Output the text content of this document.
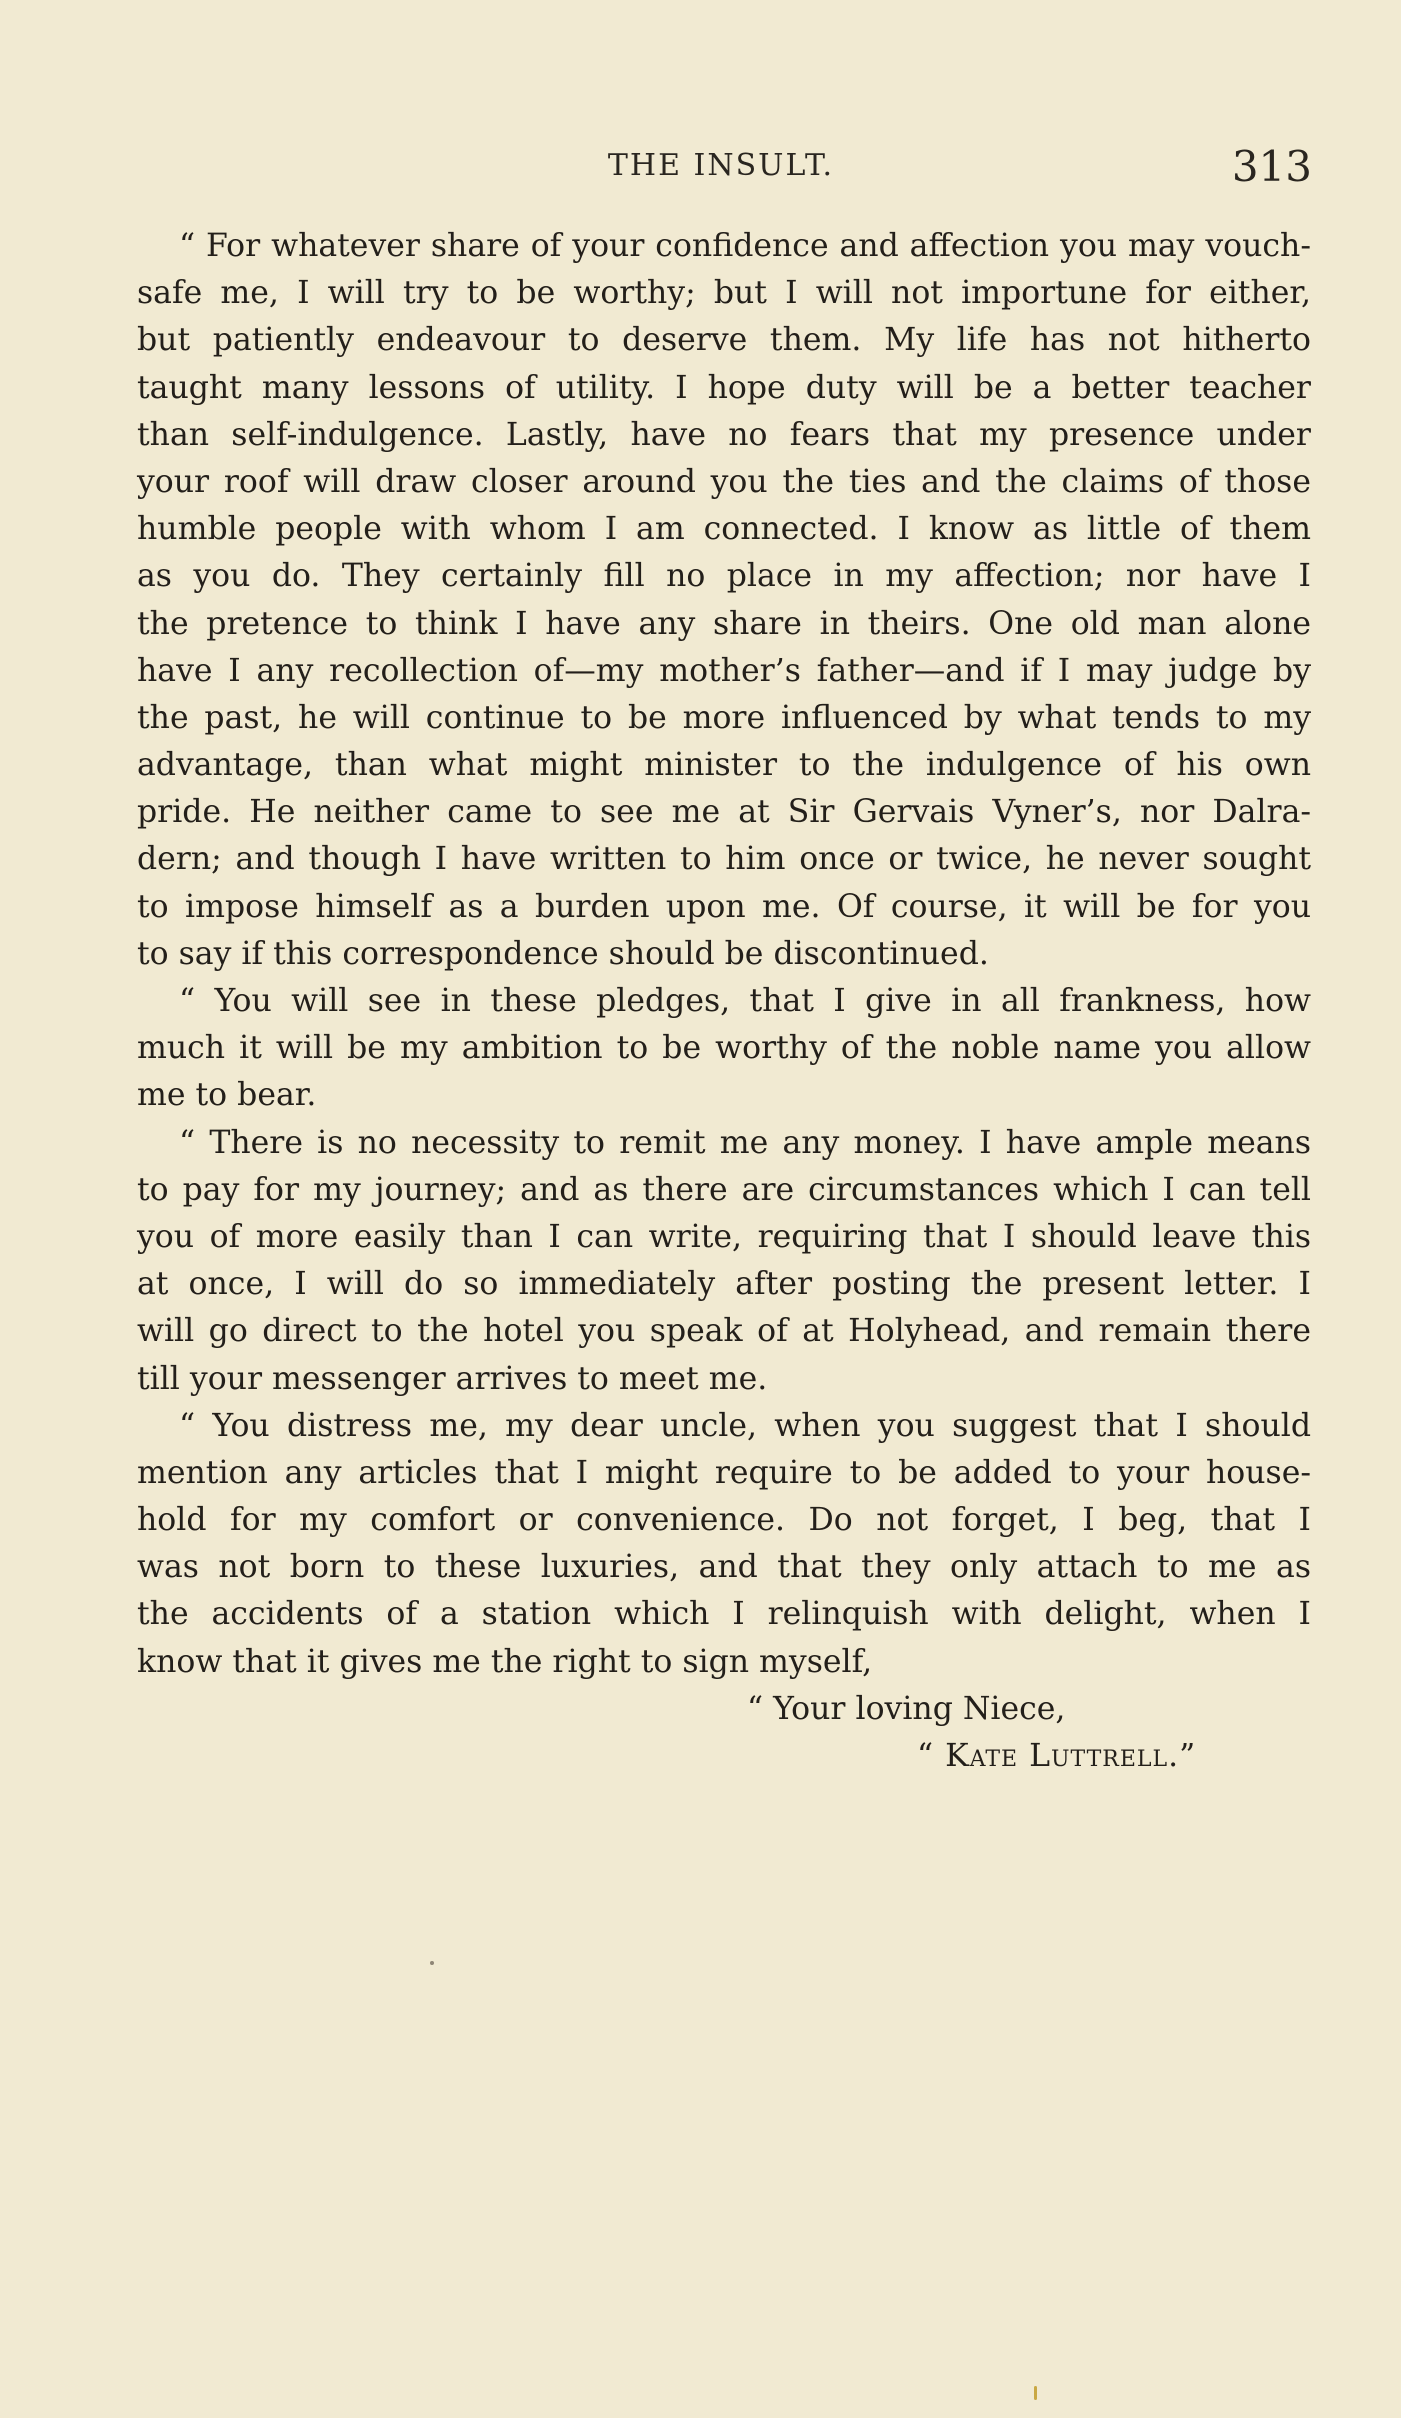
THE INSULT.	313
“ For whatever share of your confidence and affection you may vouch-
safe me, I will try to be worthy; but I will not importune for either,
but patiently endeavour to deserve them. My life has not hitherto
taught many lessons of utility. I hope duty will be a better teacher
than self-indulgence. Lastly, have no fears that my presence under
your roof will draw closer around you the ties and the claims of those
humble people with whom I am connected. I know as little of them
as you do. They certainly fill no place in my affection; nor have I
the pretence to think I have any share in theirs. One old man alone
have I any recollection of—my mother’s father—and if I may judge by
the past, he will continue to be more influenced by what tends to my
advantage, than what might minister to the indulgence of his own
pride. He neither came to see me at Sir Gervais Vyner’s, nor Dalra-
dern; and though I have written to him once or twice, he never sought
to impose himself as a burden upon me. Of course, it will be for you
to say if this correspondence should be discontinued.
“ You will see in these pledges, that I give in all frankness, how
much it will be my ambition to be worthy of the noble name you allow
me to bear.
“ There is no necessity to remit me any money. I have ample means
to pay for my journey; and as there are circumstances which I can tell
you of more easily than I can write, requiring that I should leave this
at once, I will do so immediately after posting the present letter. I
will go direct to the hotel you speak of at Holyhead, and remain there
till your messenger arrives to meet me.
“ You distress me, my dear uncle, when you suggest that I should
mention any articles that I might require to be added to your house-
hold for my comfort or convenience. Do not forget, I beg, that I
was not born to these luxuries, and that they only attach to me as
the accidents of a station which I relinquish with delight, when I
know that it gives me the right to sign myself,
“ Your loving Niece,
“ Kate Luttrell.”
